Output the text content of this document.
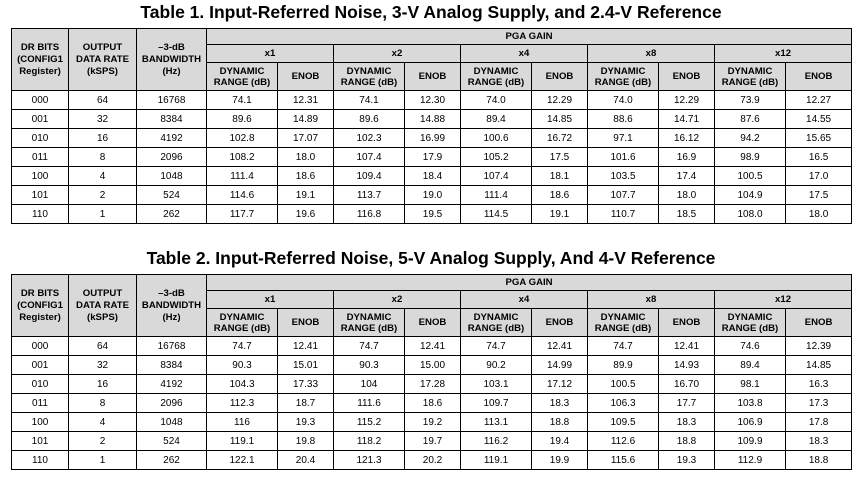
Table 1. Input-Referred Noise, 3-V Analog Supply, and 2.4-V Reference
DR BITS (CONFIG1 Register)	OUTPUT DATA RATE (kSPS)	–3-dB BANDWIDTH (Hz)	PGA GAIN									
			x1		x2		x4		x8		x12	
			DYNAMIC RANGE (dB)	ENOB	DYNAMIC RANGE (dB)	ENOB	DYNAMIC RANGE (dB)	ENOB	DYNAMIC RANGE (dB)	ENOB	DYNAMIC RANGE (dB)	ENOB
000	64	16768	74.1	12.31	74.1	12.30	74.0	12.29	74.0	12.29	73.9	12.27
001	32	8384	89.6	14.89	89.6	14.88	89.4	14.85	88.6	14.71	87.6	14.55
010	16	4192	102.8	17.07	102.3	16.99	100.6	16.72	97.1	16.12	94.2	15.65
011	8	2096	108.2	18.0	107.4	17.9	105.2	17.5	101.6	16.9	98.9	16.5
100	4	1048	111.4	18.6	109.4	18.4	107.4	18.1	103.5	17.4	100.5	17.0
101	2	524	114.6	19.1	113.7	19.0	111.4	18.6	107.7	18.0	104.9	17.5
110	1	262	117.7	19.6	116.8	19.5	114.5	19.1	110.7	18.5	108.0	18.0
Table 2. Input-Referred Noise, 5-V Analog Supply, And 4-V Reference
DR BITS (CONFIG1 Register)	OUTPUT DATA RATE (kSPS)	–3-dB BANDWIDTH (Hz)	PGA GAIN									
			x1		x2		x4		x8		x12	
			DYNAMIC RANGE (dB)	ENOB	DYNAMIC RANGE (dB)	ENOB	DYNAMIC RANGE (dB)	ENOB	DYNAMIC RANGE (dB)	ENOB	DYNAMIC RANGE (dB)	ENOB
000	64	16768	74.7	12.41	74.7	12.41	74.7	12.41	74.7	12.41	74.6	12.39
001	32	8384	90.3	15.01	90.3	15.00	90.2	14.99	89.9	14.93	89.4	14.85
010	16	4192	104.3	17.33	104	17.28	103.1	17.12	100.5	16.70	98.1	16.3
011	8	2096	112.3	18.7	111.6	18.6	109.7	18.3	106.3	17.7	103.8	17.3
100	4	1048	116	19.3	115.2	19.2	113.1	18.8	109.5	18.3	106.9	17.8
101	2	524	119.1	19.8	118.2	19.7	116.2	19.4	112.6	18.8	109.9	18.3
110	1	262	122.1	20.4	121.3	20.2	119.1	19.9	115.6	19.3	112.9	18.8
